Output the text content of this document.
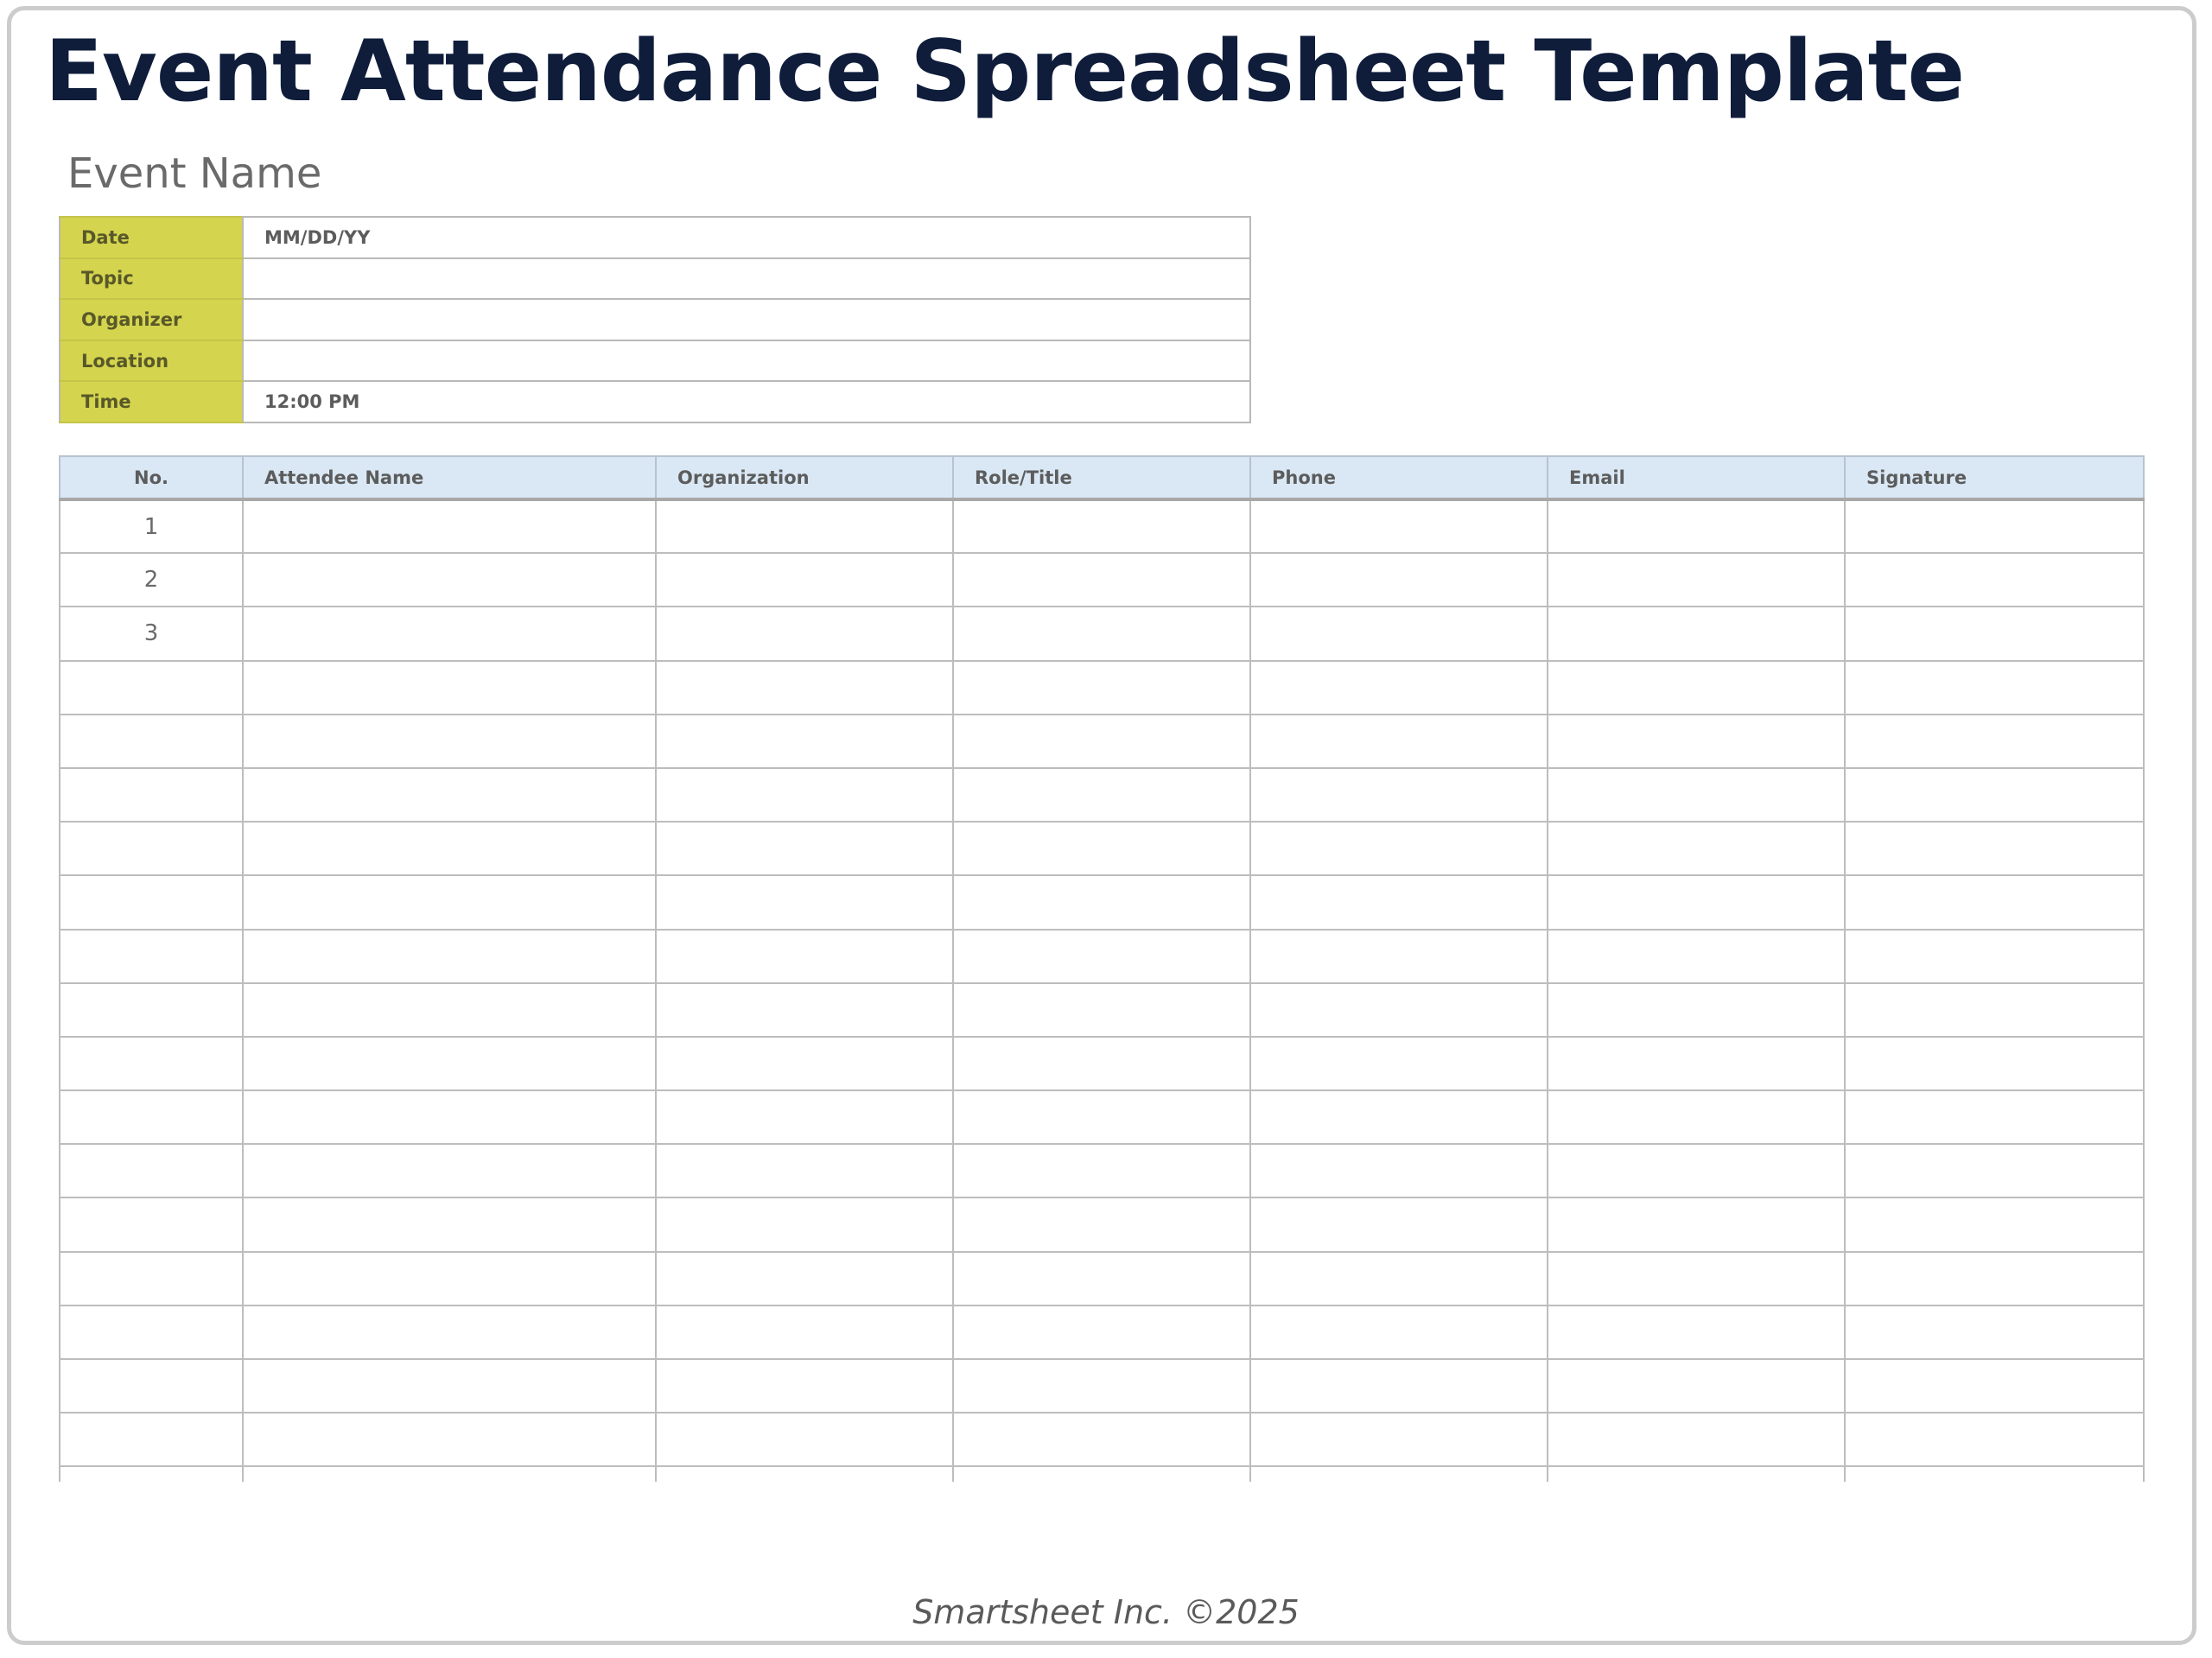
Event Attendance Spreadsheet Template
Event Name
Date	MM/DD/YY
Topic	
Organizer	
Location	
Time	12:00 PM
No.	Attendee Name	Organization	Role/Title	Phone	Email	Signature
1						
2						
3						

Smartsheet Inc. ©2025
